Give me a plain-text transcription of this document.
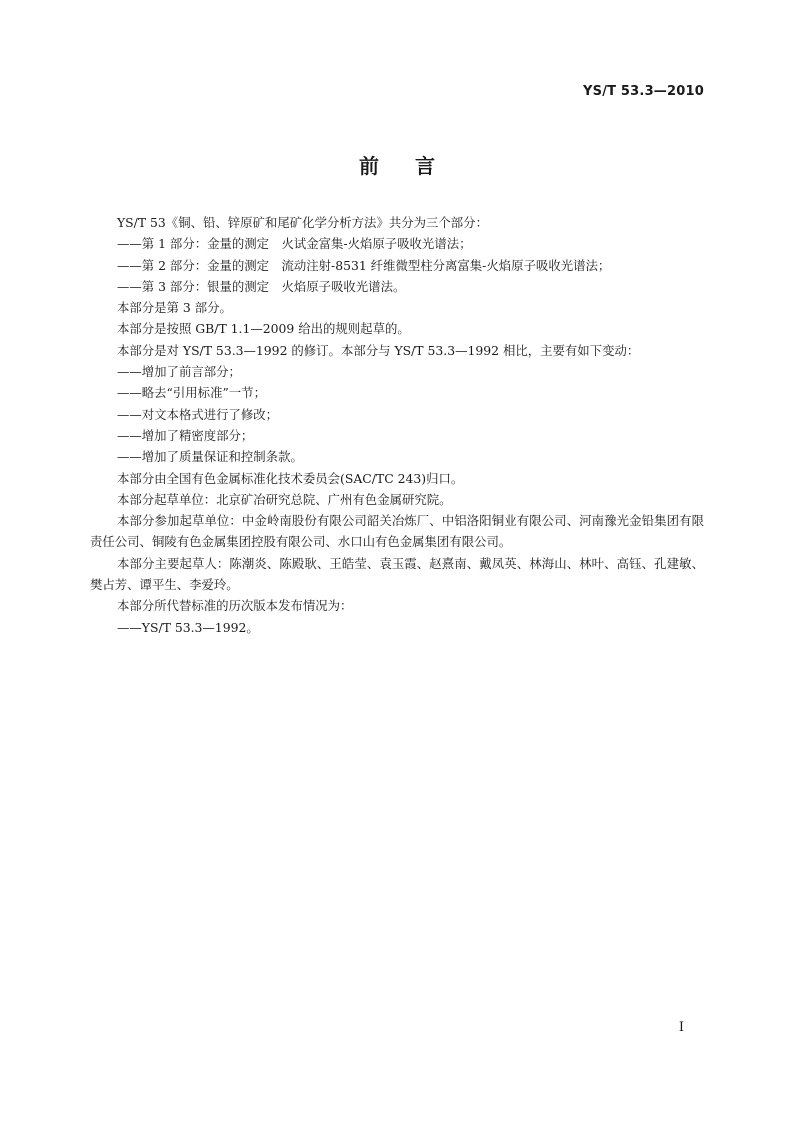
YS/T 53.3—2010
前 言

YS/T 53《铜、铅、锌原矿和尾矿化学分析方法》共分为三个部分：

——第 1 部分：金量的测定　火试金富集-火焰原子吸收光谱法；

——第 2 部分：金量的测定　流动注射-8531 纤维微型柱分离富集-火焰原子吸收光谱法；

——第 3 部分：银量的测定　火焰原子吸收光谱法。

本部分是第 3 部分。

本部分是按照 GB/T 1.1—2009 给出的规则起草的。

本部分是对 YS/T 53.3—1992 的修订。本部分与 YS/T 53.3—1992 相比，主要有如下变动：

——增加了前言部分；

——略去“引用标准”一节；

——对文本格式进行了修改；

——增加了精密度部分；

——增加了质量保证和控制条款。

本部分由全国有色金属标准化技术委员会(SAC/TC 243)归口。

本部分起草单位：北京矿冶研究总院、广州有色金属研究院。

本部分参加起草单位：中金岭南股份有限公司韶关冶炼厂、中铝洛阳铜业有限公司、河南豫光金铅集团有限责任公司、铜陵有色金属集团控股有限公司、水口山有色金属集团有限公司。

本部分主要起草人：陈潮炎、陈殿耿、王皓莹、袁玉霞、赵熹南、戴凤英、林海山、林叶、高钰、孔建敏、樊占芳、谭平生、李爱玲。

本部分所代替标准的历次版本发布情况为：

——YS/T 53.3—1992。

I
